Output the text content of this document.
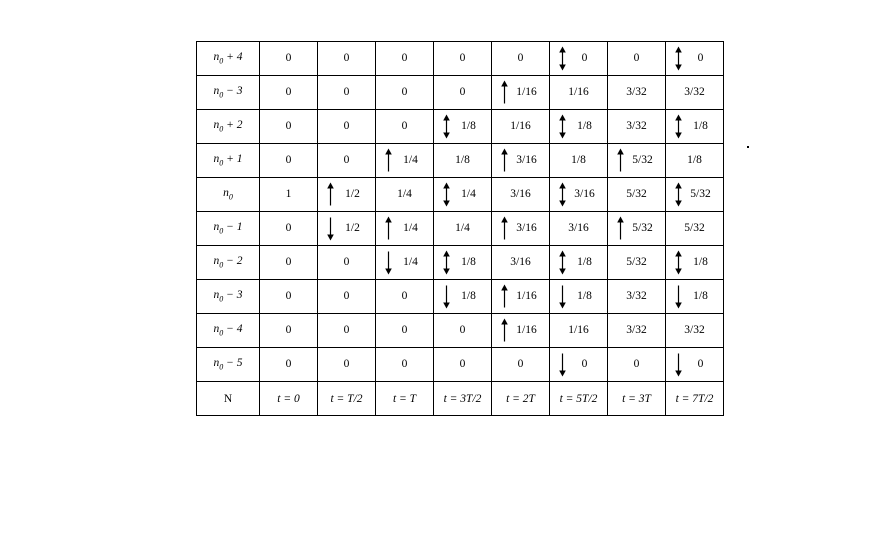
$n_0 + 4$	0	0	0	0	0	0	0	0

$n_0 - 3$	0	0	0	0	1/16	1/16	3/32	3/32

$n_0 + 2$	0	0	0	1/8	1/16	1/8	3/32	1/8

$n_0 + 1$	0	0	1/4	1/8	3/16	1/8	5/32	1/8

$n_0$	1	1/2	1/4	1/4	3/16	3/16	5/32	5/32

$n_0 - 1$	0	1/2	1/4	1/4	3/16	3/16	5/32	5/32

$n_0 - 2$	0	0	1/4	1/8	3/16	1/8	5/32	1/8

$n_0 - 3$	0	0	0	1/8	1/16	1/8	3/32	1/8

$n_0 - 4$	0	0	0	0	1/16	1/16	3/32	3/32

$n_0 - 5$	0	0	0	0	0	0	0	0

N	t = 0	t = T/2	t = T	t = 3T/2	t = 2T	t = 5T/2	t = 3T	t = 7T/2
